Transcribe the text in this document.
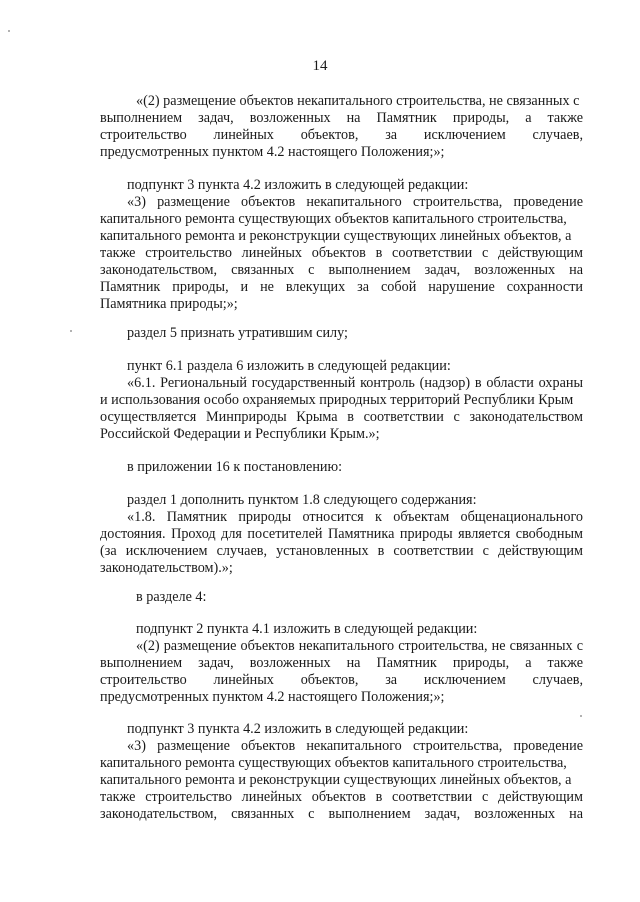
14
«(2) размещение объектов некапитального строительства, не связанных с
выполнением задач, возложенных на Памятник природы, а также
строительство линейных объектов, за исключением случаев,
предусмотренных пунктом 4.2 настоящего Положения;»;
подпункт 3 пункта 4.2 изложить в следующей редакции:
«3) размещение объектов некапитального строительства, проведение
капитального ремонта существующих объектов капитального строительства,
капитального ремонта и реконструкции существующих линейных объектов, а
также строительство линейных объектов в соответствии с действующим
законодательством, связанных с выполнением задач, возложенных на
Памятник природы, и не влекущих за собой нарушение сохранности
Памятника природы;»;
раздел 5 признать утратившим силу;
пункт 6.1 раздела 6 изложить в следующей редакции:
«6.1. Региональный государственный контроль (надзор) в области охраны
и использования особо охраняемых природных территорий Республики Крым
осуществляется Минприроды Крыма в соответствии с законодательством
Российской Федерации и Республики Крым.»;
в приложении 16 к постановлению:
раздел 1 дополнить пунктом 1.8 следующего содержания:
«1.8. Памятник природы относится к объектам общенационального
достояния. Проход для посетителей Памятника природы является свободным
(за исключением случаев, установленных в соответствии с действующим
законодательством).»;
в разделе 4:
подпункт 2 пункта 4.1 изложить в следующей редакции:
«(2) размещение объектов некапитального строительства, не связанных с
выполнением задач, возложенных на Памятник природы, а также
строительство линейных объектов, за исключением случаев,
предусмотренных пунктом 4.2 настоящего Положения;»;
подпункт 3 пункта 4.2 изложить в следующей редакции:
«3) размещение объектов некапитального строительства, проведение
капитального ремонта существующих объектов капитального строительства,
капитального ремонта и реконструкции существующих линейных объектов, а
также строительство линейных объектов в соответствии с действующим
законодательством, связанных с выполнением задач, возложенных на
